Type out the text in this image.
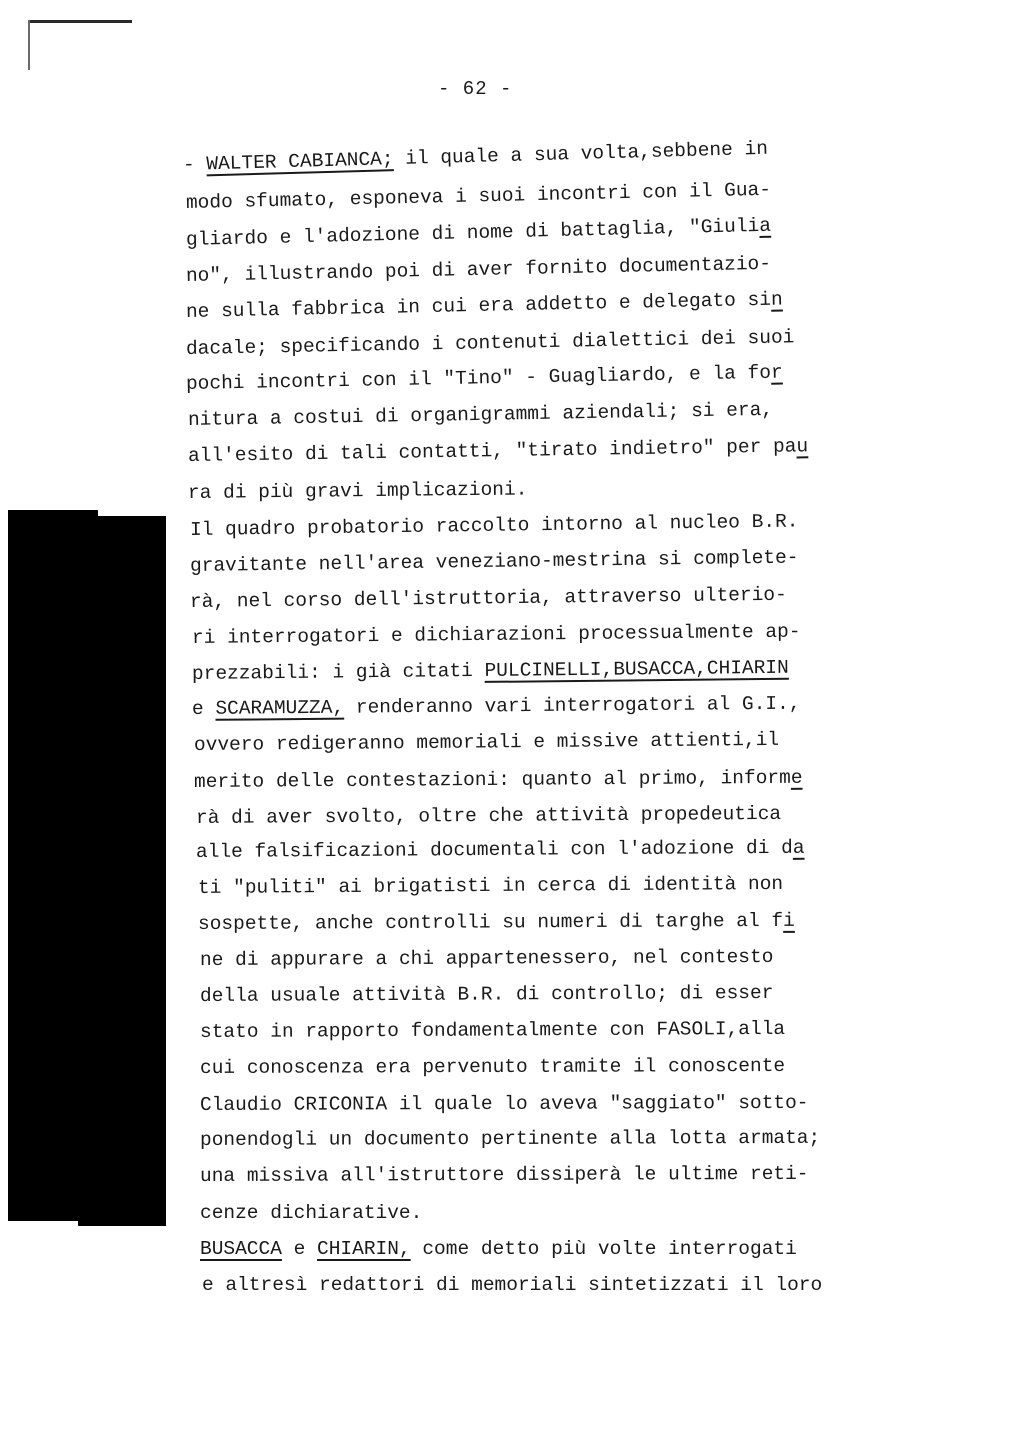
- 62 -
- WALTER CABIANCA; il quale a sua volta,sebbene in
modo sfumato, esponeva i suoi incontri con il Gua-
gliardo e l'adozione di nome di battaglia, "Giulia
no", illustrando poi di aver fornito documentazio-
ne sulla fabbrica in cui era addetto e delegato sin
dacale; specificando i contenuti dialettici dei suoi
pochi incontri con il "Tino" - Guagliardo, e la for
nitura a costui di organigrammi aziendali; si era,
all'esito di tali contatti, "tirato indietro" per pau
ra di più gravi implicazioni.
Il quadro probatorio raccolto intorno al nucleo B.R.
gravitante nell'area veneziano-mestrina si complete-
rà, nel corso dell'istruttoria, attraverso ulterio-
ri interrogatori e dichiarazioni processualmente ap-
prezzabili: i già citati PULCINELLI,BUSACCA,CHIARIN
e SCARAMUZZA, renderanno vari interrogatori al G.I.,
ovvero redigeranno memoriali e missive attienti,il
merito delle contestazioni: quanto al primo, informe
rà di aver svolto, oltre che attività propedeutica
alle falsificazioni documentali con l'adozione di da
ti "puliti" ai brigatisti in cerca di identità non
sospette, anche controlli su numeri di targhe al fi
ne di appurare a chi appartenessero, nel contesto
della usuale attività B.R. di controllo; di esser
stato in rapporto fondamentalmente con FASOLI,alla
cui conoscenza era pervenuto tramite il conoscente
Claudio CRICONIA il quale lo aveva "saggiato" sotto-
ponendogli un documento pertinente alla lotta armata;
una missiva all'istruttore dissiperà le ultime reti-
cenze dichiarative.
BUSACCA e CHIARIN, come detto più volte interrogati
e altresì redattori di memoriali sintetizzati il loro
